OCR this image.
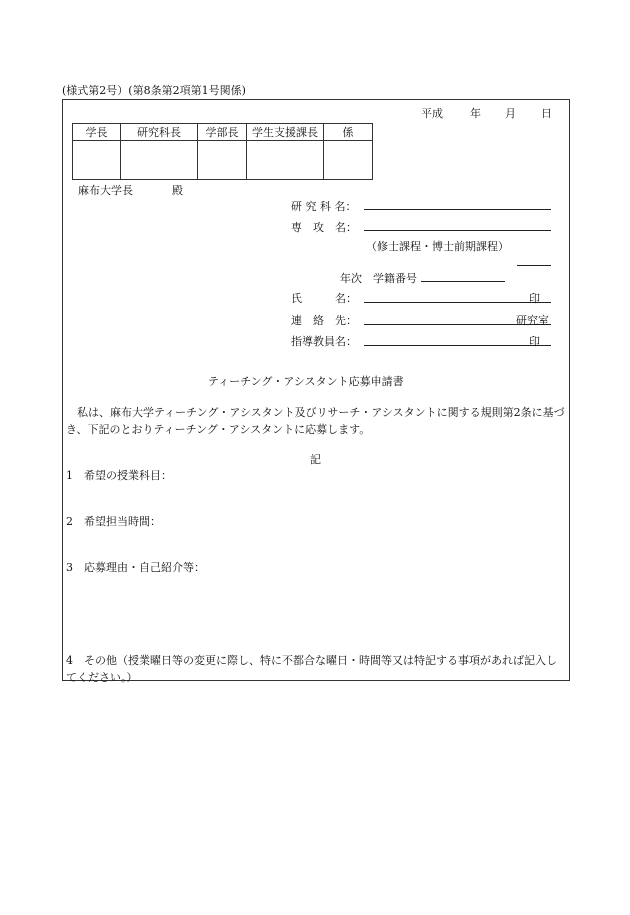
(様式第2号）(第8条第2項第1号関係)
平成 年 月 日
学長	研究科長	学部長	学生支援課長	係

麻布大学長	殿
研 究 科 名：
専　攻　名：
（修士課程・博士前期課程）
年次 学籍番号
氏　　　名：	印
連　絡　先：	研究室
指導教員名：	印
ティーチング・アシスタント応募申請書
　私は、麻布大学ティーチング・アシスタント及びリサーチ・アシスタントに関する規則第2条に基づき、下記のとおりティーチング・アシスタントに応募します。
記
1　希望の授業科目：
2　希望担当時間：
3　応募理由・自己紹介等：
4　その他（授業曜日等の変更に際し、特に不都合な曜日・時間等又は特記する事項があれば記入してください。）
